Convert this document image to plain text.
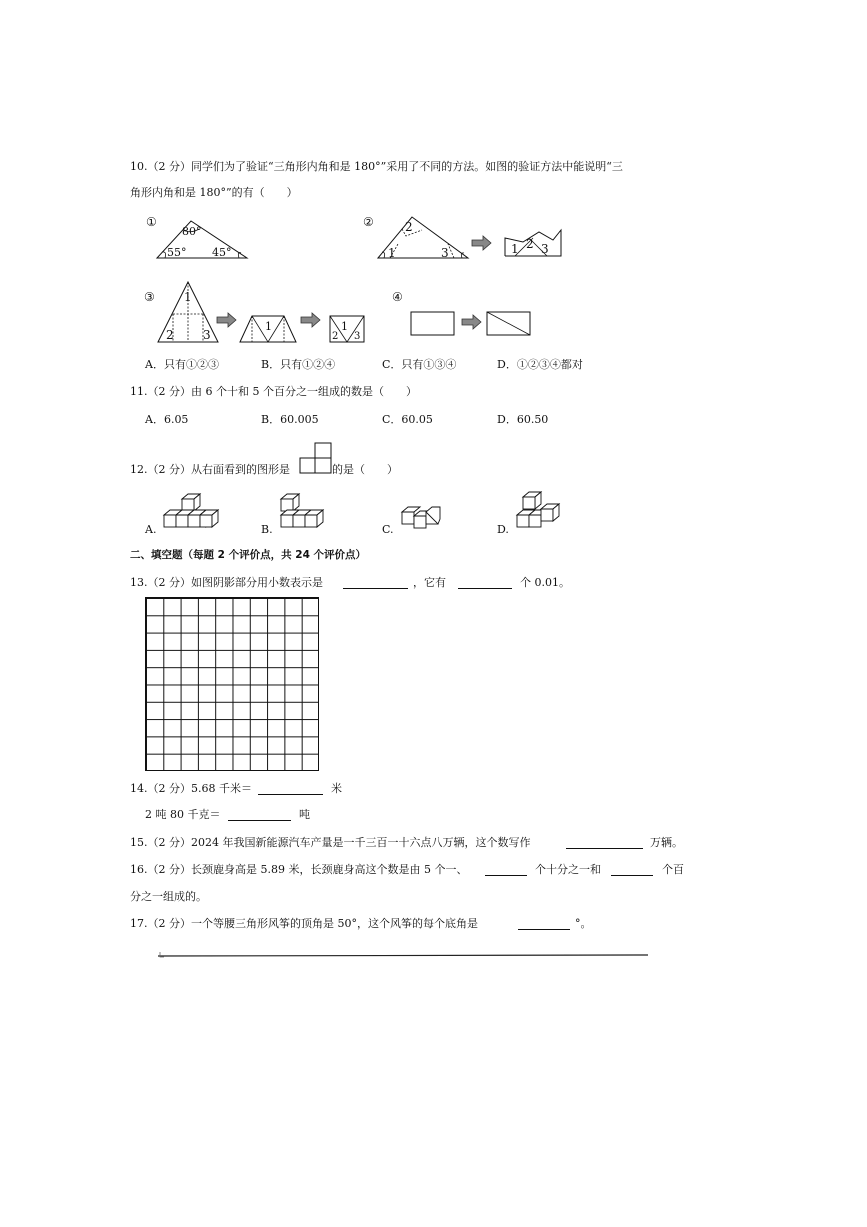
10.（2 分）同学们为了验证“三角形内角和是 180°”采用了不同的方法。如图的验证方法中能说明“三
角形内角和是 180°”的有（　　）
①
80°
55° 45°
②	2
1	3	1 2 3
③ 1
2 3
1	1
2 3
④
A．只有①②③	B．只有①②④	C．只有①③④	D．①②③④都对
11.（2 分）由 6 个十和 5 个百分之一组成的数是（　　）
A．6.05	B．60.005	C．60.05	D．60.50
12.（2 分）从右面看到的图形是	的是（　　）
A.	B.	C.	D.
二、填空题（每题 2 个评价点，共 24 个评价点）
13.（2 分）如图阴影部分用小数表示是	，它有	个 0.01。
14.（2 分）5.68 千米＝	米
2 吨 80 千克＝	吨
15.（2 分）2024 年我国新能源汽车产量是一千三百一十六点八万辆，这个数写作	万辆。
16.（2 分）长颈鹿身高是 5.89 米，长颈鹿身高这个数是由 5 个一、	个十分之一和	个百
分之一组成的。
17.（2 分）一个等腰三角形风筝的顶角是 50°，这个风筝的每个底角是	°。
